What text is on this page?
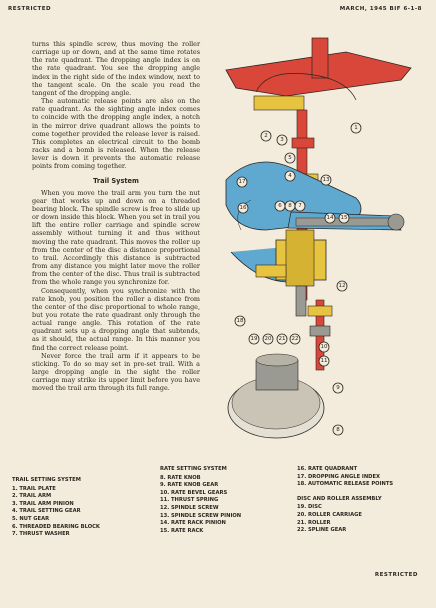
RESTRICTED	MARCH, 1945 BIF 6-1-8

turns this spindle screw, thus moving the roller carriage up or down, and at the same time rotates the rate quadrant. The dropping angle index is on the rate quadrant. You see the dropping angle index in the right side of the index window, next to the tangent scale. On the scale you read the tangent of the dropping angle.

The automatic release points are also on the rate quadrant. As the sighting angle index comes to coincide with the dropping angle index, a notch in the mirror drive quadrant allows the points to come together provided the release lever is raised. This completes an electrical circuit to the bomb racks and a bomb is released. When the release lever is down it prevents the automatic release points from coming together.

Trail System

When you move the trail arm you turn the nut gear that works up and down on a threaded bearing block. The spindle screw is free to slide up or down inside this block. When you set in trail you lift the entire roller carriage and spindle screw assembly without turning it and thus without moving the rate quadrant. This moves the roller up from the center of the disc a distance proportional to trail. Accordingly this distance is subtracted from any distance you might later move the roller from the center of the disc. Thus trail is subtracted from the whole range you synchronize for.

Consequently, when you synchronize with the rate knob, you position the roller a distance from the center of the disc proportional to whole range, but you rotate the rate quadrant only through the actual range angle. This rotation of the rate quadrant sets up a dropping angle that subtends, as it should, the actual range. In this manner you find the correct release point.

Never force the trail arm if it appears to be sticking. To do so may set in pre-set trail. With a large dropping angle in the sight the roller carriage may strike its upper limit before you have moved the trail arm through its full range.

1
2
3
5
4
13
17
16	6 8 7
14 15
12
18
19 20 21 22
10
11
9
8
TRAIL SETTING SYSTEM
1. TRAIL PLATE
2. TRAIL ARM
3. TRAIL ARM PINION
4. TRAIL SETTING GEAR
5. NUT GEAR
6. THREADED BEARING BLOCK
7. THRUST WASHER
RATE SETTING SYSTEM
8. RATE KNOB
9. RATE KNOB GEAR
10. RATE BEVEL GEARS
11. THRUST SPRING
12. SPINDLE SCREW
13. SPINDLE SCREW PINION
14. RATE RACK PINION
15. RATE RACK
16. RATE QUADRANT
17. DROPPING ANGLE INDEX
18. AUTOMATIC RELEASE POINTS
DISC AND ROLLER ASSEMBLY
19. DISC
20. ROLLER CARRIAGE
21. ROLLER
22. SPLINE GEAR
RESTRICTED
